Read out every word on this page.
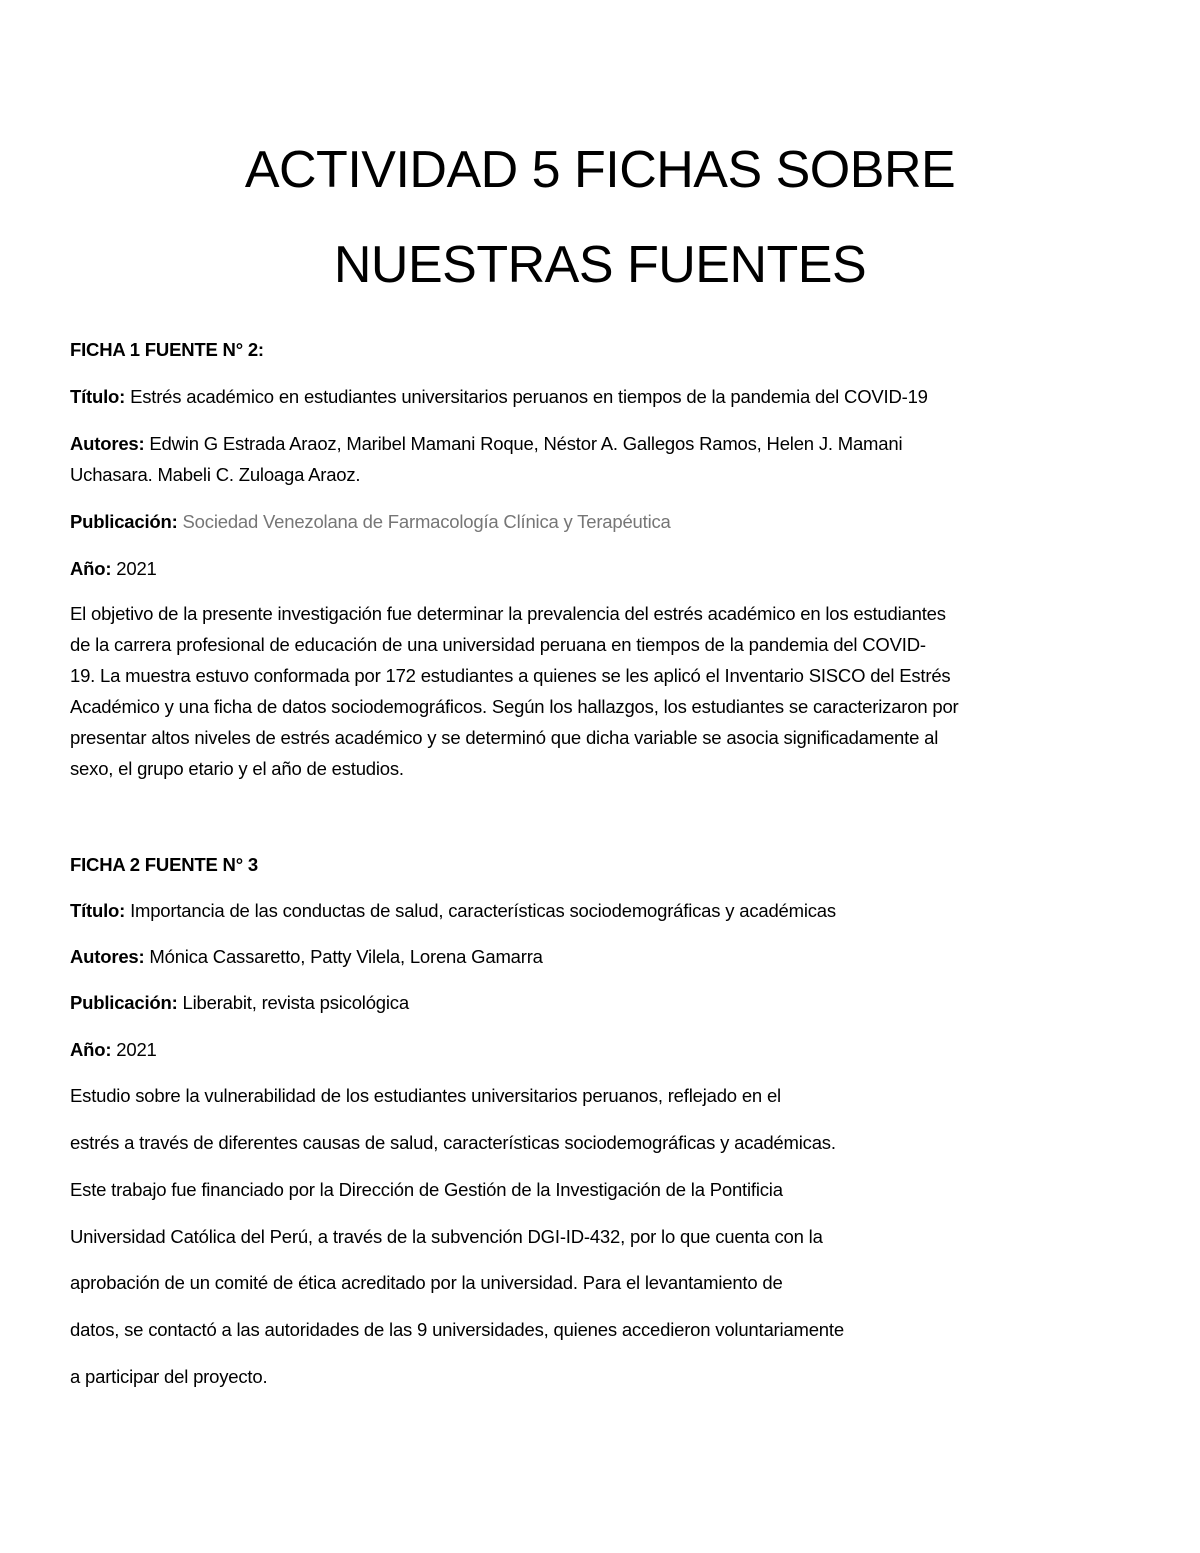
ACTIVIDAD 5 FICHAS SOBRE
NUESTRAS FUENTES
FICHA 1 FUENTE N° 2:
Título: Estrés académico en estudiantes universitarios peruanos en tiempos de la pandemia del COVID-19
Autores: Edwin G Estrada Araoz, Maribel Mamani Roque, Néstor A. Gallegos Ramos, Helen J. Mamani
Uchasara. Mabeli C. Zuloaga Araoz.
Publicación: Sociedad Venezolana de Farmacología Clínica y Terapéutica
Año: 2021
El objetivo de la presente investigación fue determinar la prevalencia del estrés académico en los estudiantes
de la carrera profesional de educación de una universidad peruana en tiempos de la pandemia del COVID-
19. La muestra estuvo conformada por 172 estudiantes a quienes se les aplicó el Inventario SISCO del Estrés
Académico y una ficha de datos sociodemográficos. Según los hallazgos, los estudiantes se caracterizaron por
presentar altos niveles de estrés académico y se determinó que dicha variable se asocia significadamente al
sexo, el grupo etario y el año de estudios.
FICHA 2 FUENTE N° 3
Título: Importancia de las conductas de salud, características sociodemográficas y académicas
Autores: Mónica Cassaretto, Patty Vilela, Lorena Gamarra
Publicación: Liberabit, revista psicológica
Año: 2021
Estudio sobre la vulnerabilidad de los estudiantes universitarios peruanos, reflejado en el
estrés a través de diferentes causas de salud, características sociodemográficas y académicas.
Este trabajo fue financiado por la Dirección de Gestión de la Investigación de la Pontificia
Universidad Católica del Perú, a través de la subvención DGI-ID-432, por lo que cuenta con la
aprobación de un comité de ética acreditado por la universidad. Para el levantamiento de
datos, se contactó a las autoridades de las 9 universidades, quienes accedieron voluntariamente
a participar del proyecto.
